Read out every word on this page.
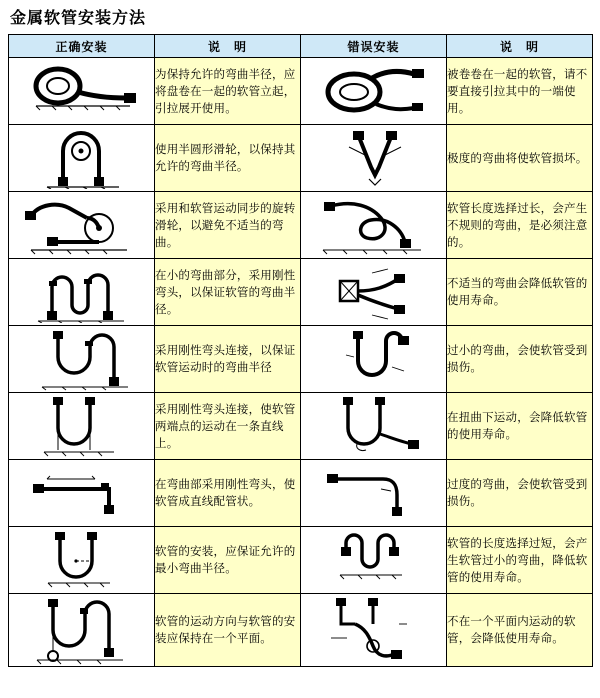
金属软管安装方法
正确安装	说　明	错误安装	说　明

	为保持允许的弯曲半径，应将盘卷在一起的软管立起，引拉展开使用。		被卷卷在一起的软管，请不要直接引拉其中的一端使用。

	使用半圆形滑轮，以保持其允许的弯曲半径。		极度的弯曲将使软管损坏。

	采用和软管运动同步的旋转滑轮，以避免不适当的弯曲。		软管长度选择过长，会产生不规则的弯曲，是必须注意的。

	在小的弯曲部分，采用刚性弯头，以保证软管的弯曲半径。		不适当的弯曲会降低软管的使用寿命。

	采用刚性弯头连接，以保证软管运动时的弯曲半径		过小的弯曲，会使软管受到损伤。

	采用刚性弯头连接，使软管两端点的运动在一条直线上。		在扭曲下运动，会降低软管的使用寿命。

	在弯曲部采用刚性弯头，使软管成直线配管状。		过度的弯曲，会使软管受到损伤。

	软管的安装，应保证允许的最小弯曲半径。		软管的长度选择过短，会产生软管过小的弯曲，降低软管的使用寿命。

	软管的运动方向与软管的安装应保持在一个平面。		不在一个平面内运动的软管，会降低使用寿命。
